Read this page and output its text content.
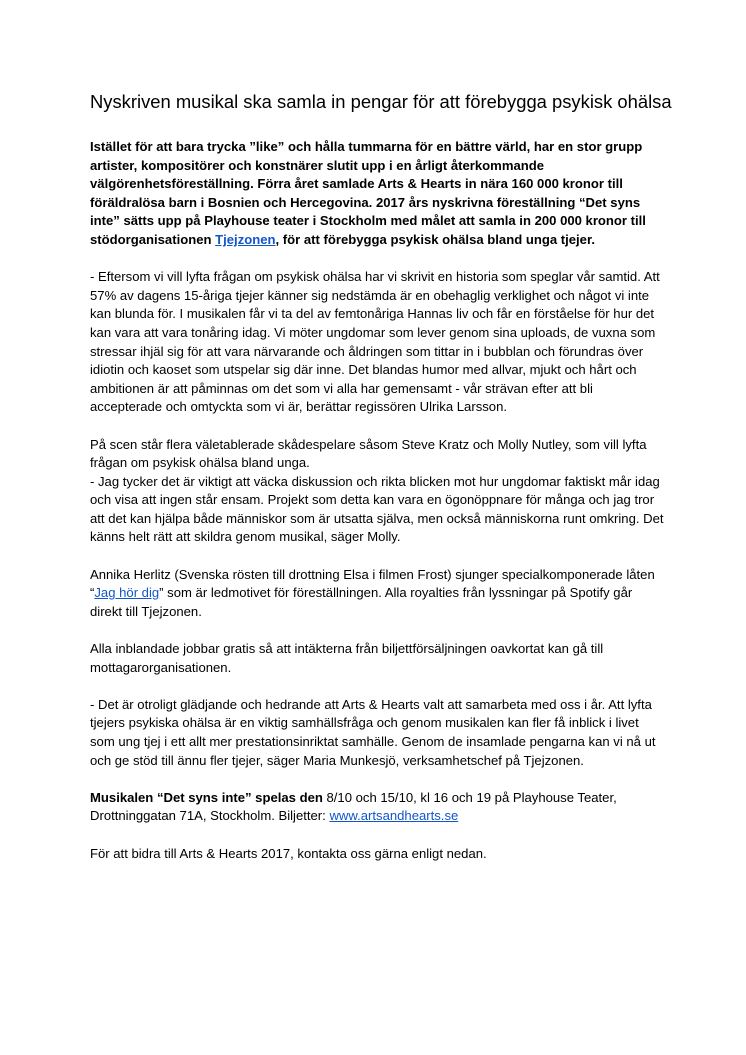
Nyskriven musikal ska samla in pengar för att förebygga psykisk ohälsa

Istället för att bara trycka ”like” och hålla tummarna för en bättre värld, har en stor grupp artister, kompositörer och konstnärer slutit upp i en årligt återkommande välgörenhetsföreställning. Förra året samlade Arts & Hearts in nära 160 000 kronor till föräldralösa barn i Bosnien och Hercegovina. 2017 års nyskrivna föreställning “Det syns inte” sätts upp på Playhouse teater i Stockholm med målet att samla in 200 000 kronor till stödorganisationen Tjejzonen, för att förebygga psykisk ohälsa bland unga tjejer.

- Eftersom vi vill lyfta frågan om psykisk ohälsa har vi skrivit en historia som speglar vår samtid. Att 57% av dagens 15-åriga tjejer känner sig nedstämda är en obehaglig verklighet och något vi inte kan blunda för. I musikalen får vi ta del av femtonåriga Hannas liv och får en förståelse för hur det kan vara att vara tonåring idag. Vi möter ungdomar som lever genom sina uploads, de vuxna som stressar ihjäl sig för att vara närvarande och åldringen som tittar in i bubblan och förundras över idiotin och kaoset som utspelar sig där inne. Det blandas humor med allvar, mjukt och hårt och ambitionen är att påminnas om det som vi alla har gemensamt - vår strävan efter att bli accepterade och omtyckta som vi är, berättar regissören Ulrika Larsson.

På scen står flera väletablerade skådespelare såsom Steve Kratz och Molly Nutley, som vill lyfta frågan om psykisk ohälsa bland unga.

- Jag tycker det är viktigt att väcka diskussion och rikta blicken mot hur ungdomar faktiskt mår idag och visa att ingen står ensam. Projekt som detta kan vara en ögonöppnare för många och jag tror att det kan hjälpa både människor som är utsatta själva, men också människorna runt omkring. Det känns helt rätt att skildra genom musikal, säger Molly.

Annika Herlitz (Svenska rösten till drottning Elsa i filmen Frost) sjunger specialkomponerade låten “Jag hör dig” som är ledmotivet för föreställningen. Alla royalties från lyssningar på Spotify går direkt till Tjejzonen.

Alla inblandade jobbar gratis så att intäkterna från biljettförsäljningen oavkortat kan gå till mottagarorganisationen.

- Det är otroligt glädjande och hedrande att Arts & Hearts valt att samarbeta med oss i år. Att lyfta tjejers psykiska ohälsa är en viktig samhällsfråga och genom musikalen kan fler få inblick i livet som ung tjej i ett allt mer prestationsinriktat samhälle. Genom de insamlade pengarna kan vi nå ut och ge stöd till ännu fler tjejer, säger Maria Munkesjö, verksamhetschef på Tjejzonen.

Musikalen “Det syns inte” spelas den 8/10 och 15/10, kl 16 och 19 på Playhouse Teater, Drottninggatan 71A, Stockholm. Biljetter: www.artsandhearts.se

För att bidra till Arts & Hearts 2017, kontakta oss gärna enligt nedan.
